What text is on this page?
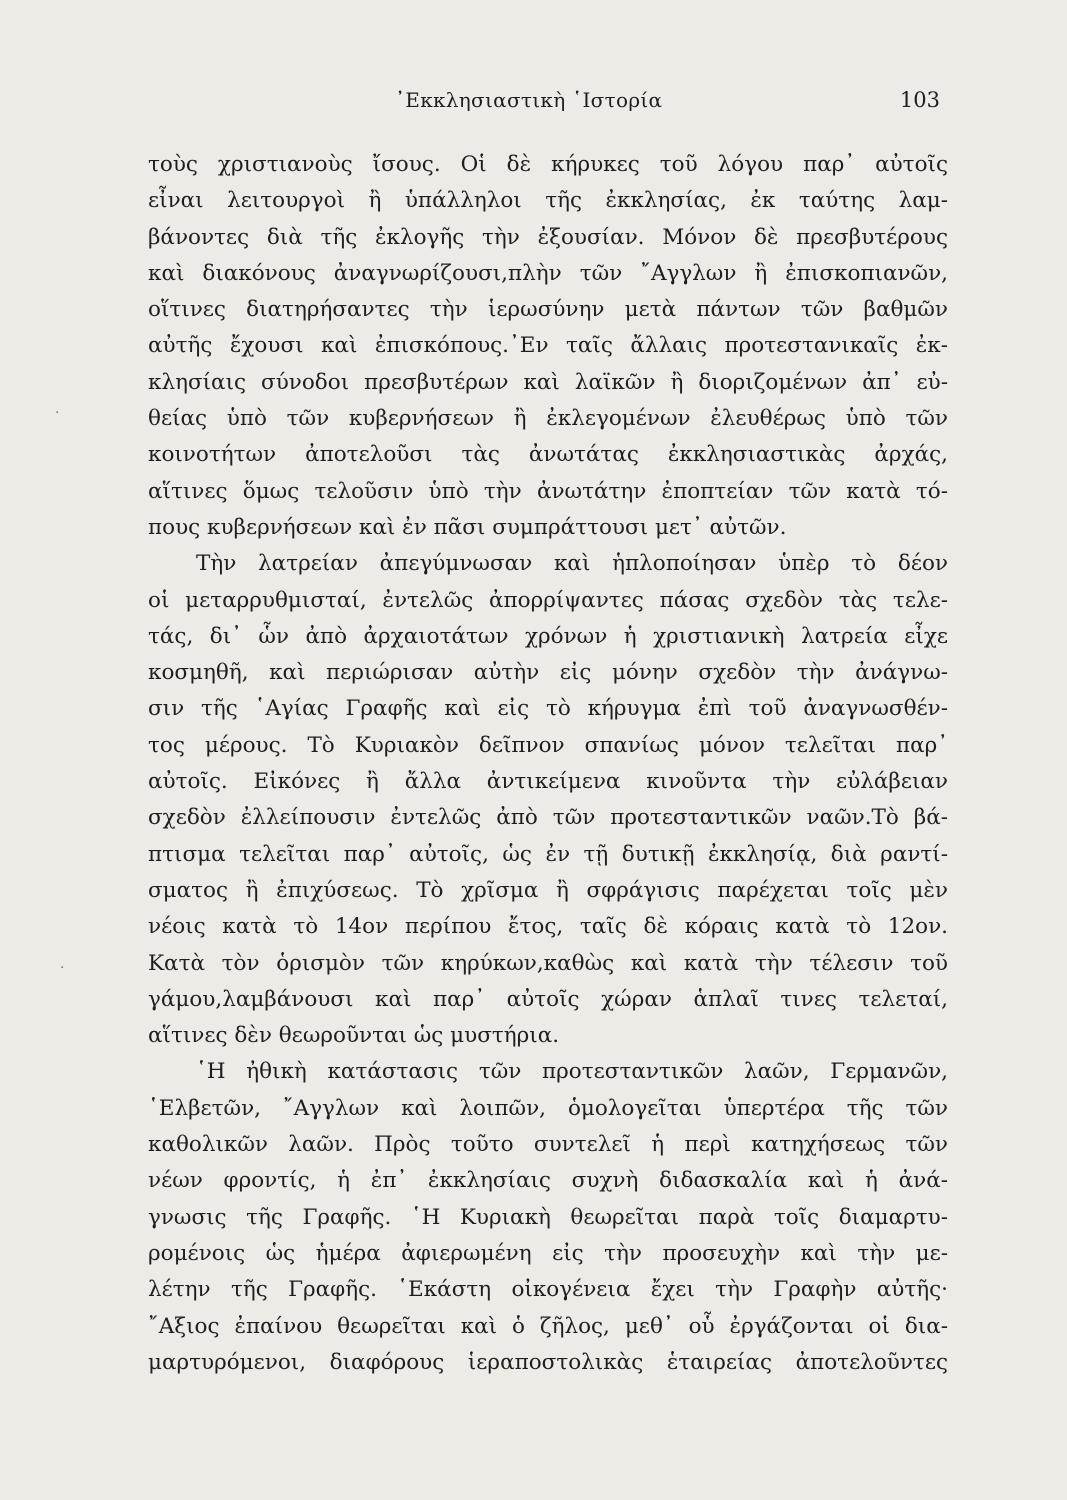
᾿Εκκλησιαστικὴ ῾Ιστορία	103
τοὺς χριστιανοὺς ἴσους. Οἱ δὲ κήρυκες τοῦ λόγου παρ᾿ αὐτοῖς
εἶναι λειτουργοὶ ἢ ὑπάλληλοι τῆς ἐκκλησίας, ἐκ ταύτης λαμ-
βάνοντες διὰ τῆς ἐκλογῆς τὴν ἐξουσίαν. Μόνον δὲ πρεσβυτέρους
καὶ διακόνους ἀναγνωρίζουσι,πλὴν τῶν ῎Αγγλων ἢ ἐπισκοπιανῶν,
οἵτινες διατηρήσαντες τὴν ἱερωσύνην μετὰ πάντων τῶν βαθμῶν
αὐτῆς ἔχουσι καὶ ἐπισκόπους.᾿Εν ταῖς ἄλλαις προτεστανικαῖς ἐκ-
κλησίαις σύνοδοι πρεσβυτέρων καὶ λαϊκῶν ἢ διοριζομένων ἀπ᾿ εὐ-
θείας ὑπὸ τῶν κυβερνήσεων ἢ ἐκλεγομένων ἐλευθέρως ὑπὸ τῶν
κοινοτήτων ἀποτελοῦσι τὰς ἀνωτάτας ἐκκλησιαστικὰς ἀρχάς,
αἵτινες ὅμως τελοῦσιν ὑπὸ τὴν ἀνωτάτην ἐποπτείαν τῶν κατὰ τό-
πους κυβερνήσεων καὶ ἐν πᾶσι συμπράττουσι μετ᾿ αὐτῶν.
Τὴν λατρείαν ἀπεγύμνωσαν καὶ ἡπλοποίησαν ὑπὲρ τὸ δέον
οἱ μεταρρυθμισταί, ἐντελῶς ἀπορρίψαντες πάσας σχεδὸν τὰς τελε-
τάς, δι᾿ ὧν ἀπὸ ἀρχαιοτάτων χρόνων ἡ χριστιανικὴ λατρεία εἶχε
κοσμηθῆ, καὶ περιώρισαν αὐτὴν εἰς μόνην σχεδὸν τὴν ἀνάγνω-
σιν τῆς ῾Αγίας Γραφῆς καὶ εἰς τὸ κήρυγμα ἐπὶ τοῦ ἀναγνωσθέν-
τος μέρους. Τὸ Κυριακὸν δεῖπνον σπανίως μόνον τελεῖται παρ᾿
αὐτοῖς. Εἰκόνες ἢ ἄλλα ἀντικείμενα κινοῦντα τὴν εὐλάβειαν
σχεδὸν ἐλλείπουσιν ἐντελῶς ἀπὸ τῶν προτεσταντικῶν ναῶν.Τὸ βά-
πτισμα τελεῖται παρ᾿ αὐτοῖς, ὡς ἐν τῇ δυτικῇ ἐκκλησίᾳ, διὰ ραντί-
σματος ἢ ἐπιχύσεως. Τὸ χρῖσμα ἢ σφράγισις παρέχεται τοῖς μὲν
νέοις κατὰ τὸ 14ον περίπου ἔτος, ταῖς δὲ κόραις κατὰ τὸ 12ον.
Κατὰ τὸν ὁρισμὸν τῶν κηρύκων,καθὼς καὶ κατὰ τὴν τέλεσιν τοῦ
γάμου,λαμβάνουσι καὶ παρ᾿ αὐτοῖς χώραν ἁπλαῖ τινες τελεταί,
αἵτινες δὲν θεωροῦνται ὡς μυστήρια.
῾Η ἠθικὴ κατάστασις τῶν προτεσταντικῶν λαῶν, Γερμανῶν,
῾Ελβετῶν, ῎Αγγλων καὶ λοιπῶν, ὁμολογεῖται ὑπερτέρα τῆς τῶν
καθολικῶν λαῶν. Πρὸς τοῦτο συντελεῖ ἡ περὶ κατηχήσεως τῶν
νέων φροντίς, ἡ ἐπ᾿ ἐκκλησίαις συχνὴ διδασκαλία καὶ ἡ ἀνά-
γνωσις τῆς Γραφῆς. ῾Η Κυριακὴ θεωρεῖται παρὰ τοῖς διαμαρτυ-
ρομένοις ὡς ἡμέρα ἀφιερωμένη εἰς τὴν προσευχὴν καὶ τὴν με-
λέτην τῆς Γραφῆς. ῾Εκάστη οἰκογένεια ἔχει τὴν Γραφὴν αὐτῆς·
῎Αξιος ἐπαίνου θεωρεῖται καὶ ὁ ζῆλος, μεθ᾿ οὗ ἐργάζονται οἱ δια-
μαρτυρόμενοι, διαφόρους ἱεραποστολικὰς ἑταιρείας ἀποτελοῦντες
·
·
